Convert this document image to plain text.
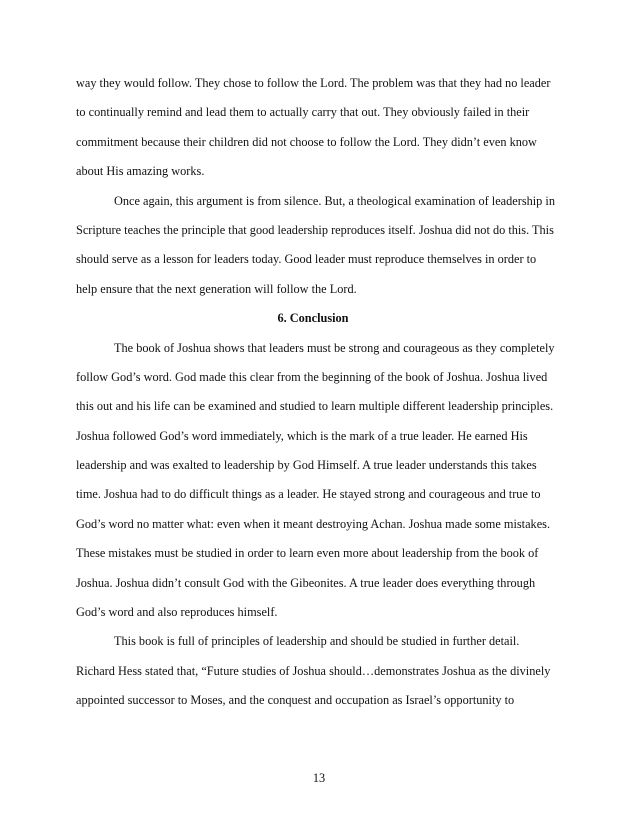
way they would follow. They chose to follow the Lord. The problem was that they had no leader
to continually remind and lead them to actually carry that out. They obviously failed in their
commitment because their children did not choose to follow the Lord. They didn’t even know
about His amazing works.
Once again, this argument is from silence. But, a theological examination of leadership in
Scripture teaches the principle that good leadership reproduces itself. Joshua did not do this. This
should serve as a lesson for leaders today. Good leader must reproduce themselves in order to
help ensure that the next generation will follow the Lord.
6. Conclusion
The book of Joshua shows that leaders must be strong and courageous as they completely
follow God’s word. God made this clear from the beginning of the book of Joshua. Joshua lived
this out and his life can be examined and studied to learn multiple different leadership principles.
Joshua followed God’s word immediately, which is the mark of a true leader. He earned His
leadership and was exalted to leadership by God Himself. A true leader understands this takes
time. Joshua had to do difficult things as a leader. He stayed strong and courageous and true to
God’s word no matter what: even when it meant destroying Achan. Joshua made some mistakes.
These mistakes must be studied in order to learn even more about leadership from the book of
Joshua. Joshua didn’t consult God with the Gibeonites. A true leader does everything through
God’s word and also reproduces himself.
This book is full of principles of leadership and should be studied in further detail.
Richard Hess stated that, “Future studies of Joshua should…demonstrates Joshua as the divinely
appointed successor to Moses, and the conquest and occupation as Israel’s opportunity to
13
